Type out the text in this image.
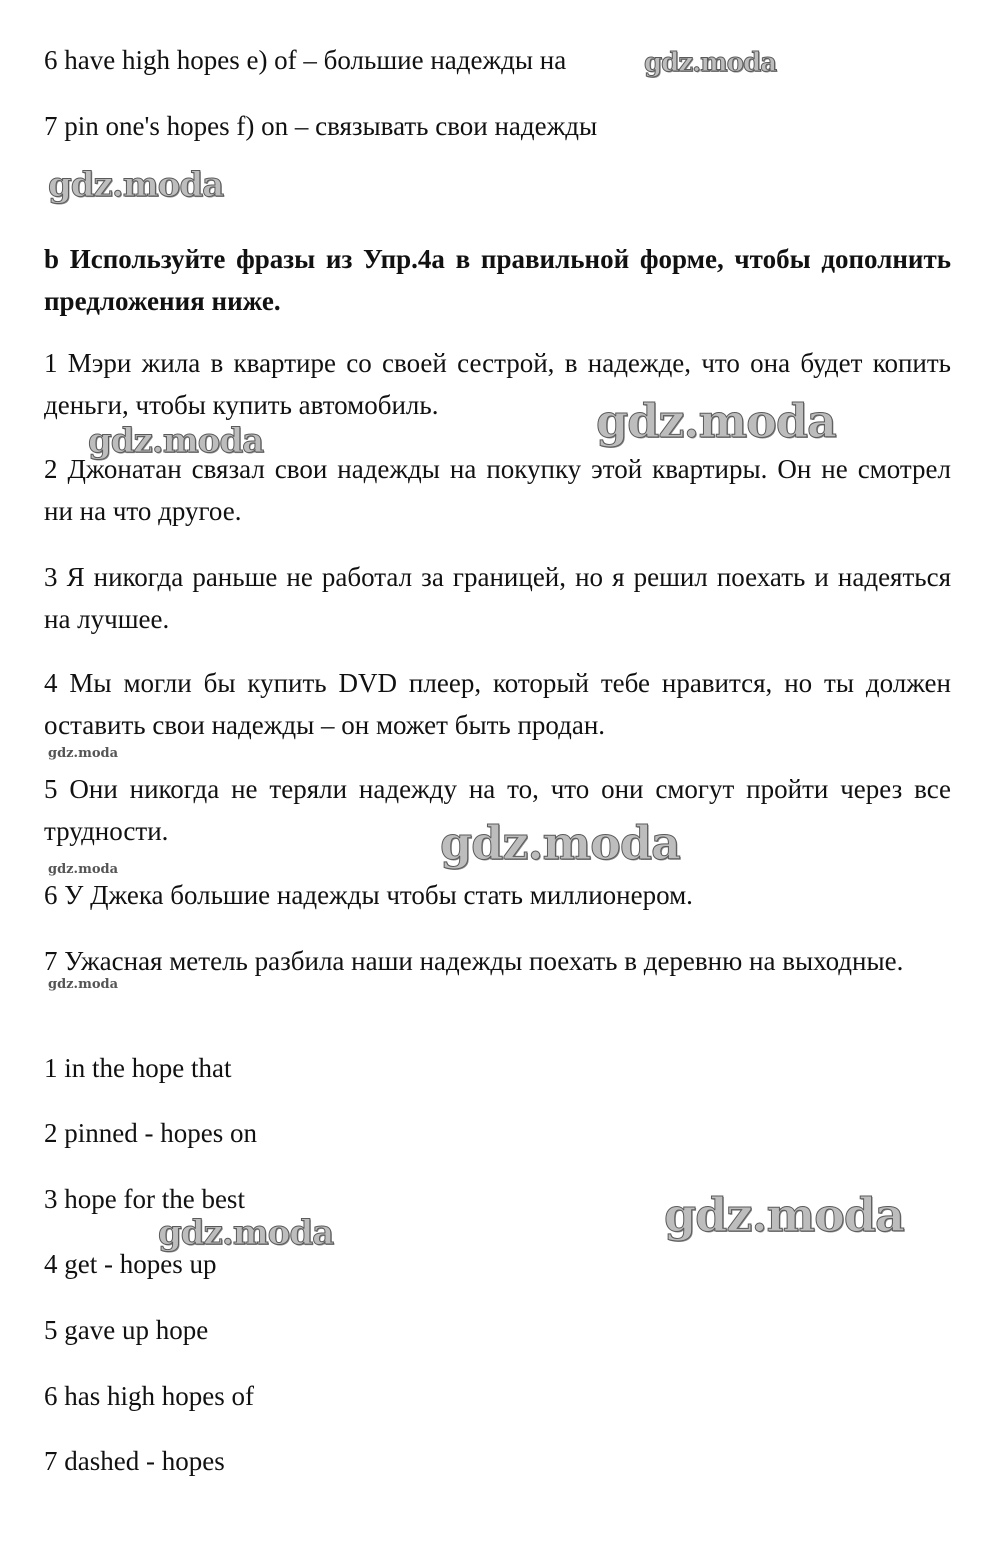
6 have high hopes e) of – большие надежды на

7 pin one's hopes f) on – связывать свои надежды

b Используйте фразы из Упр.4a в правильной форме, чтобы дополнить предложения ниже.

1 Мэри жила в квартире со своей сестрой, в надежде, что она будет копить деньги, чтобы купить автомобиль.

2 Джонатан связал свои надежды на покупку этой квартиры. Он не смотрел ни на что другое.

3 Я никогда раньше не работал за границей, но я решил поехать и надеяться на лучшее.

4 Мы могли бы купить DVD плеер, который тебе нравится, но ты должен оставить свои надежды – он может быть продан.

5 Они никогда не теряли надежду на то, что они смогут пройти через все трудности.

6 У Джека большие надежды чтобы стать миллионером.

7 Ужасная метель разбила наши надежды поехать в деревню на выходные.

1 in the hope that

2 pinned - hopes on

3 hope for the best

4 get - hopes up

5 gave up hope

6 has high hopes of

7 dashed - hopes

gdz.moda
gdz.moda
gdz.moda
gdz.moda
gdz.moda
gdz.moda
gdz.moda
gdz.moda
gdz.moda
gdz.moda
